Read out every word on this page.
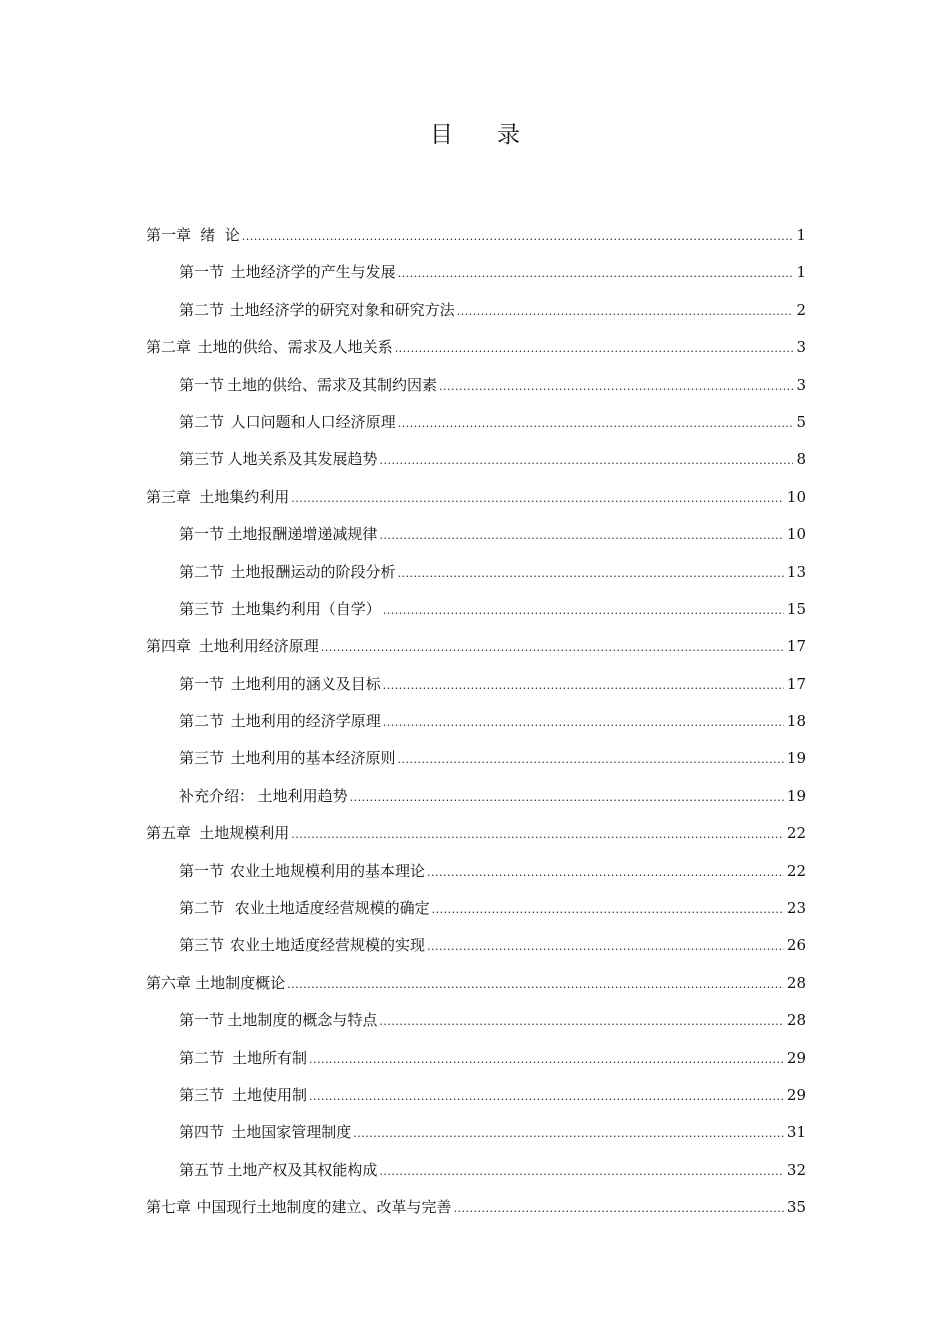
目 录
第一章 绪  论 .....	1
第一节 土地经济学的产生与发展 .....	1
第二节 土地经济学的研究对象和研究方法 .....	2
第二章 土地的供给、需求及人地关系 .....	3
第一节 土地的供给、需求及其制约因素 .....	3
第二节 人口问题和人口经济原理 .....	5
第三节 人地关系及其发展趋势 .....	8
第三章 土地集约利用 .....	10
第一节 土地报酬递增递减规律 .....	10
第二节 土地报酬运动的阶段分析 .....	13
第三节 土地集约利用（自学） .....	15
第四章 土地利用经济原理 .....	17
第一节 土地利用的涵义及目标 .....	17
第二节 土地利用的经济学原理 .....	18
第三节 土地利用的基本经济原则 .....	19
补充介绍： 土地利用趋势 .....	19
第五章 土地规模利用 .....	22
第一节 农业土地规模利用的基本理论 .....	22
第二节 农业土地适度经营规模的确定 .....	23
第三节 农业土地适度经营规模的实现 .....	26
第六章 土地制度概论 .....	28
第一节 土地制度的概念与特点 .....	28
第二节 土地所有制 .....	29
第三节 土地使用制 .....	29
第四节 土地国家管理制度 .....	31
第五节 土地产权及其权能构成 .....	32
第七章 中国现行土地制度的建立、改革与完善 .....	35
